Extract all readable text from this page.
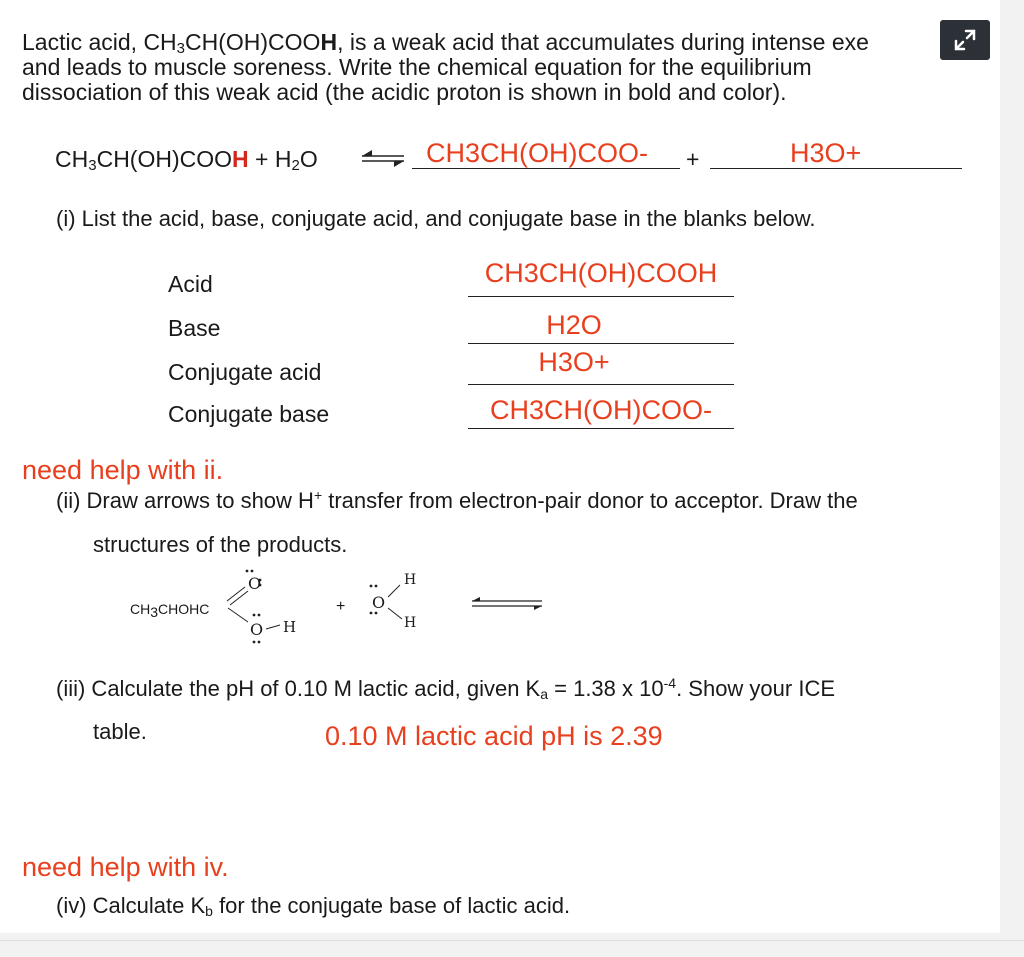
Lactic acid, $CH_3CH(OH)COOH$, is a weak acid that accumulates during intense exe
and leads to muscle soreness. Write the chemical equation for the equilibrium
dissociation of this weak acid (the acidic proton is shown in bold and color).
$CH_3CH(OH)COOH + H_2O$	⇌ CH3CH(OH)COO- +	H3O+
(i) List the acid, base, conjugate acid, and conjugate base in the blanks below.
Acid	CH3CH(OH)COOH
Base	H2O
Conjugate acid	H3O+
Conjugate base	CH3CH(OH)COO-
need help with ii.
(ii) Draw arrows to show H+ transfer from electron-pair donor to acceptor. Draw the
structures of the products.
CH3CHOHC
O
O H
+ O
H
H
(iii) Calculate the pH of 0.10 M lactic acid, given Ka = 1.38 x $10^{-4}$. Show your ICE
table.	0.10 M lactic acid pH is 2.39
need help with iv.
(iv) Calculate Kb for the conjugate base of lactic acid.
